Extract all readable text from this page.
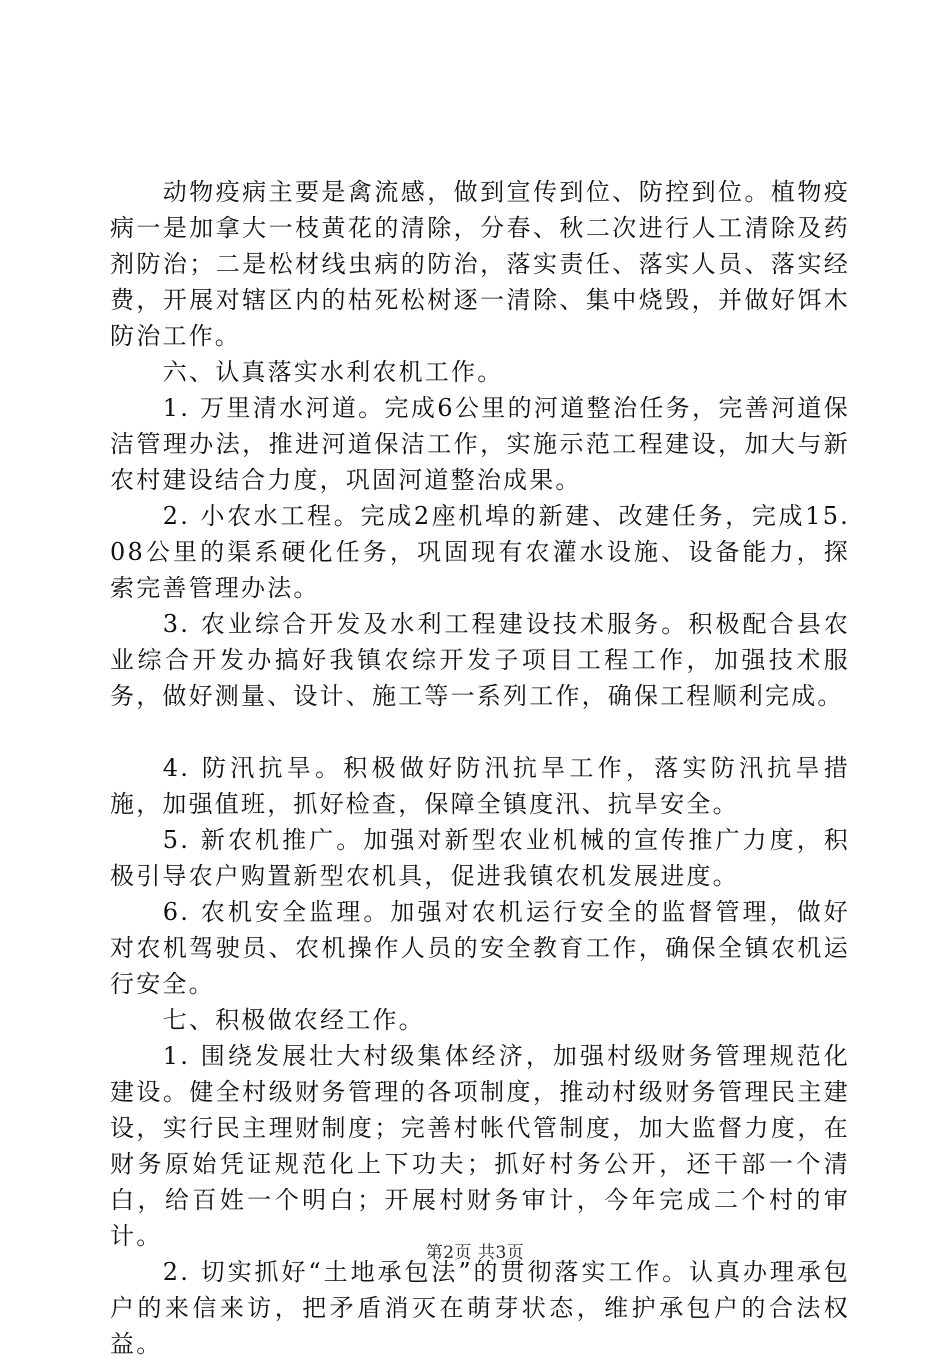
动物疫病主要是禽流感，做到宣传到位、防控到位。植物疫病一是加拿大一枝黄花的清除，分春、秋二次进行人工清除及药剂防治；二是松材线虫病的防治，落实责任、落实人员、落实经费，开展对辖区内的枯死松树逐一清除、集中烧毁，并做好饵木防治工作。

六、认真落实水利农机工作。

1. 万里清水河道。完成6公里的河道整治任务，完善河道保洁管理办法，推进河道保洁工作，实施示范工程建设，加大与新农村建设结合力度，巩固河道整治成果。

2. 小农水工程。完成2座机埠的新建、改建任务，完成15.08公里的渠系硬化任务，巩固现有农灌水设施、设备能力，探索完善管理办法。

3. 农业综合开发及水利工程建设技术服务。积极配合县农业综合开发办搞好我镇农综开发子项目工程工作，加强技术服务，做好测量、设计、施工等一系列工作，确保工程顺利完成。

4. 防汛抗旱。积极做好防汛抗旱工作，落实防汛抗旱措施，加强值班，抓好检查，保障全镇度汛、抗旱安全。

5. 新农机推广。加强对新型农业机械的宣传推广力度，积极引导农户购置新型农机具，促进我镇农机发展进度。

6. 农机安全监理。加强对农机运行安全的监督管理，做好对农机驾驶员、农机操作人员的安全教育工作，确保全镇农机运行安全。

七、积极做农经工作。

1. 围绕发展壮大村级集体经济，加强村级财务管理规范化建设。健全村级财务管理的各项制度，推动村级财务管理民主建设，实行民主理财制度；完善村帐代管制度，加大监督力度，在财务原始凭证规范化上下功夫；抓好村务公开，还干部一个清白，给百姓一个明白；开展村财务审计，今年完成二个村的审计。

2. 切实抓好“土地承包法”的贯彻落实工作。认真办理承包户的来信来访，把矛盾消灭在萌芽状态，维护承包户的合法权益。

第2页 共3页
